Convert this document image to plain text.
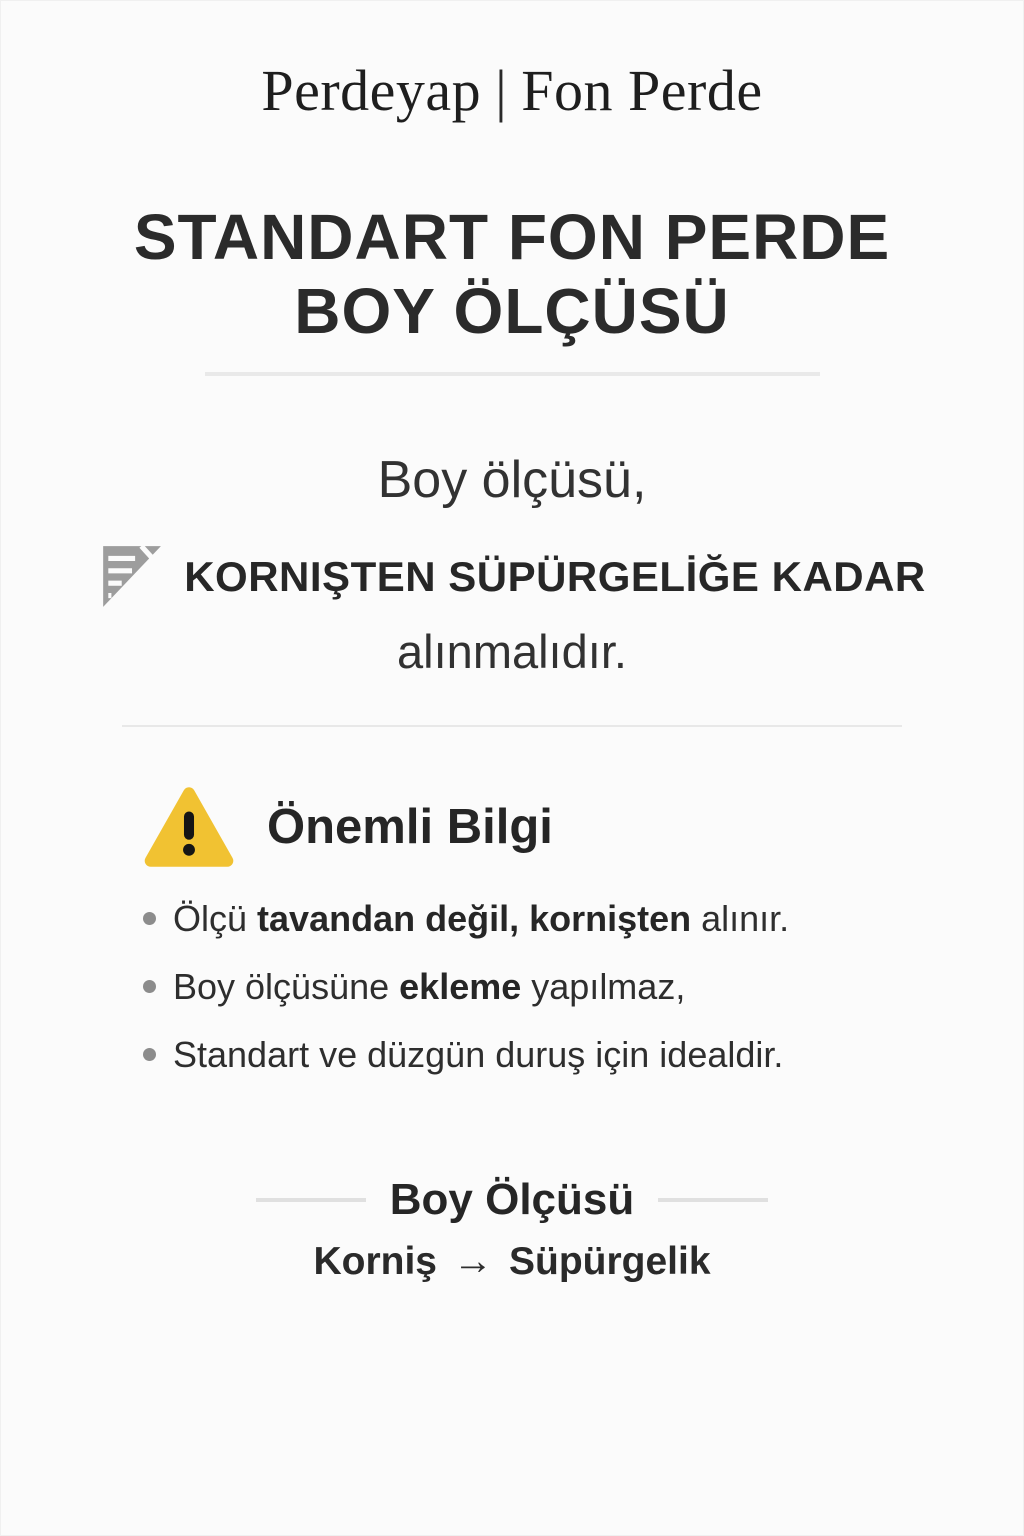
Perdeyap | Fon Perde
STANDART FON PERDE
BOY ÖLÇÜSÜ
Boy ölçüsü,
KORNIŞTEN SÜPÜRGELİĞE KADAR
alınmalıdır.
Önemli Bilgi
Ölçü tavandan değil, kornişten alınır.
Boy ölçüsüne ekleme yapılmaz,
Standart ve düzgün duruş için idealdir.
Boy Ölçüsü
Korniş → Süpürgelik
